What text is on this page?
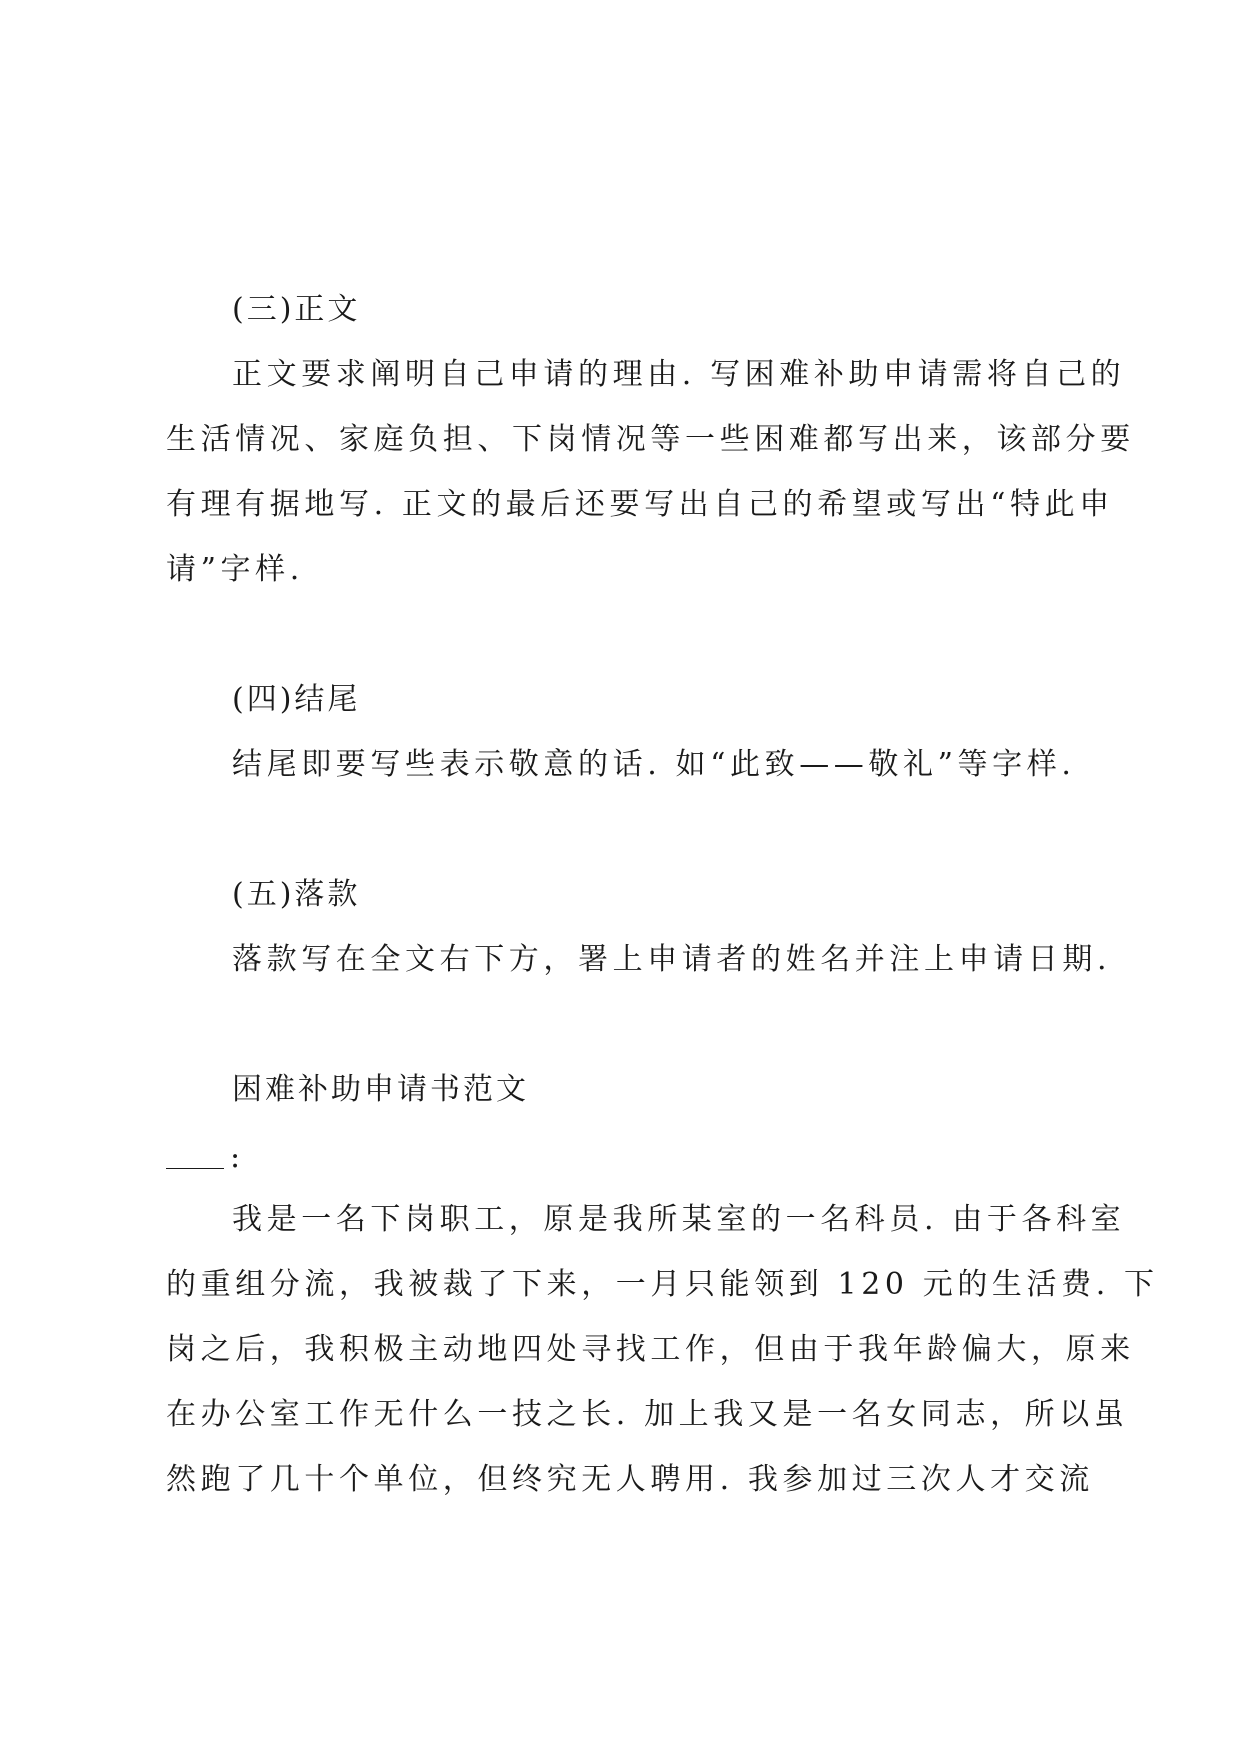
(三)正文
正文要求阐明自己申请的理由. 写困难补助申请需将自己的
生活情况、家庭负担、下岗情况等一些困难都写出来，该部分要
有理有据地写. 正文的最后还要写出自己的希望或写出“特此申
请”字样.
(四)结尾
结尾即要写些表示敬意的话. 如“此致——敬礼”等字样.
(五)落款
落款写在全文右下方，署上申请者的姓名并注上申请日期.
困难补助申请书范文
:
我是一名下岗职工，原是我所某室的一名科员. 由于各科室
的重组分流，我被裁了下来，一月只能领到 120 元的生活费. 下
岗之后，我积极主动地四处寻找工作，但由于我年龄偏大，原来
在办公室工作无什么一技之长. 加上我又是一名女同志，所以虽
然跑了几十个单位，但终究无人聘用. 我参加过三次人才交流
